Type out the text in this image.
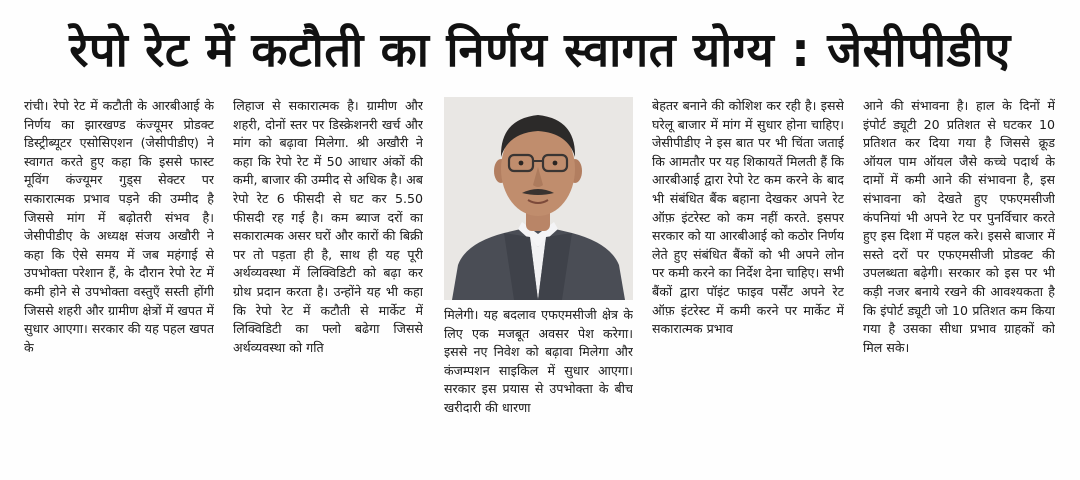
रेपो रेट में कटौती का निर्णय स्वागत योग्य : जेसीपीडीए

रांची। रेपो रेट में कटौती के आरबीआई के निर्णय का झारखण्ड कंज्यूमर प्रोडक्ट डिस्ट्रीब्यूटर एसोसिएशन (जेसीपीडीए) ने स्वागत करते हुए कहा कि इससे फास्ट मूविंग कंज्यूमर गुड्स सेक्टर पर सकारात्मक प्रभाव पड़ने की उम्मीद है जिससे मांग में बढ़ोतरी संभव है। जेसीपीडीए के अध्यक्ष संजय अखौरी ने कहा कि ऐसे समय में जब महंगाई से उपभोक्ता परेशान हैं, के दौरान रेपो रेट में कमी होने से उपभोक्ता वस्तुएँ सस्ती होंगी जिससे शहरी और ग्रामीण क्षेत्रों में खपत में सुधार आएगा। सरकार की यह पहल खपत के

लिहाज से सकारात्मक है। ग्रामीण और शहरी, दोनों स्तर पर डिस्क्रेशनरी खर्च और मांग को बढ़ावा मिलेगा. श्री अखौरी ने कहा कि रेपो रेट में 50 आधार अंकों की कमी, बाजार की उम्मीद से अधिक है। अब रेपो रेट 6 फीसदी से घट कर 5.50 फीसदी रह गई है। कम ब्याज दरों का सकारात्मक असर घरों और कारों की बिक्री पर तो पड़ता ही है, साथ ही यह पूरी अर्थव्यवस्था में लिक्विडिटी को बढ़ा कर ग्रोथ प्रदान करता है। उन्होंने यह भी कहा कि रेपो रेट में कटौती से मार्केट में लिक्विडिटी का फ्लो बढेगा जिससे अर्थव्यवस्था को गति

मिलेगी। यह बदलाव एफएमसीजी क्षेत्र के लिए एक मजबूत अवसर पेश करेगा। इससे नए निवेश को बढ़ावा मिलेगा और कंजम्पशन साइकिल में सुधार आएगा। सरकार इस प्रयास से उपभोक्ता के बीच खरीदारी की धारणा

बेहतर बनाने की कोशिश कर रही है। इससे घरेलू बाजार में मांग में सुधार होना चाहिए। जेसीपीडीए ने इस बात पर भी चिंता जताई कि आमतौर पर यह शिकायतें मिलती हैं कि आरबीआई द्वारा रेपो रेट कम करने के बाद भी संबंधित बैंक बहाना देखकर अपने रेट ऑफ़ इंटरेस्ट को कम नहीं करते. इसपर सरकार को या आरबीआई को कठोर निर्णय लेते हुए संबंधित बैंकों को भी अपने लोन पर कमी करने का निर्देश देना चाहिए। सभी बैंकों द्वारा पॉइंट फाइव पर्सेंट अपने रेट ऑफ़ इंटरेस्ट में कमी करने पर मार्केट में सकारात्मक प्रभाव

आने की संभावना है। हाल के दिनों में इंपोर्ट ड्यूटी 20 प्रतिशत से घटकर 10 प्रतिशत कर दिया गया है जिससे क्रूड ऑयल पाम ऑयल जैसे कच्चे पदार्थ के दामों में कमी आने की संभावना है, इस संभावना को देखते हुए एफएमसीजी कंपनियां भी अपने रेट पर पुनर्विचार करते हुए इस दिशा में पहल करे। इससे बाजार में सस्ते दरों पर एफएमसीजी प्रोडक्ट की उपलब्धता बढ़ेगी। सरकार को इस पर भी कड़ी नजर बनाये रखने की आवश्यकता है कि इंपोर्ट ड्यूटी जो 10 प्रतिशत कम किया गया है उसका सीधा प्रभाव ग्राहकों को मिल सके।
